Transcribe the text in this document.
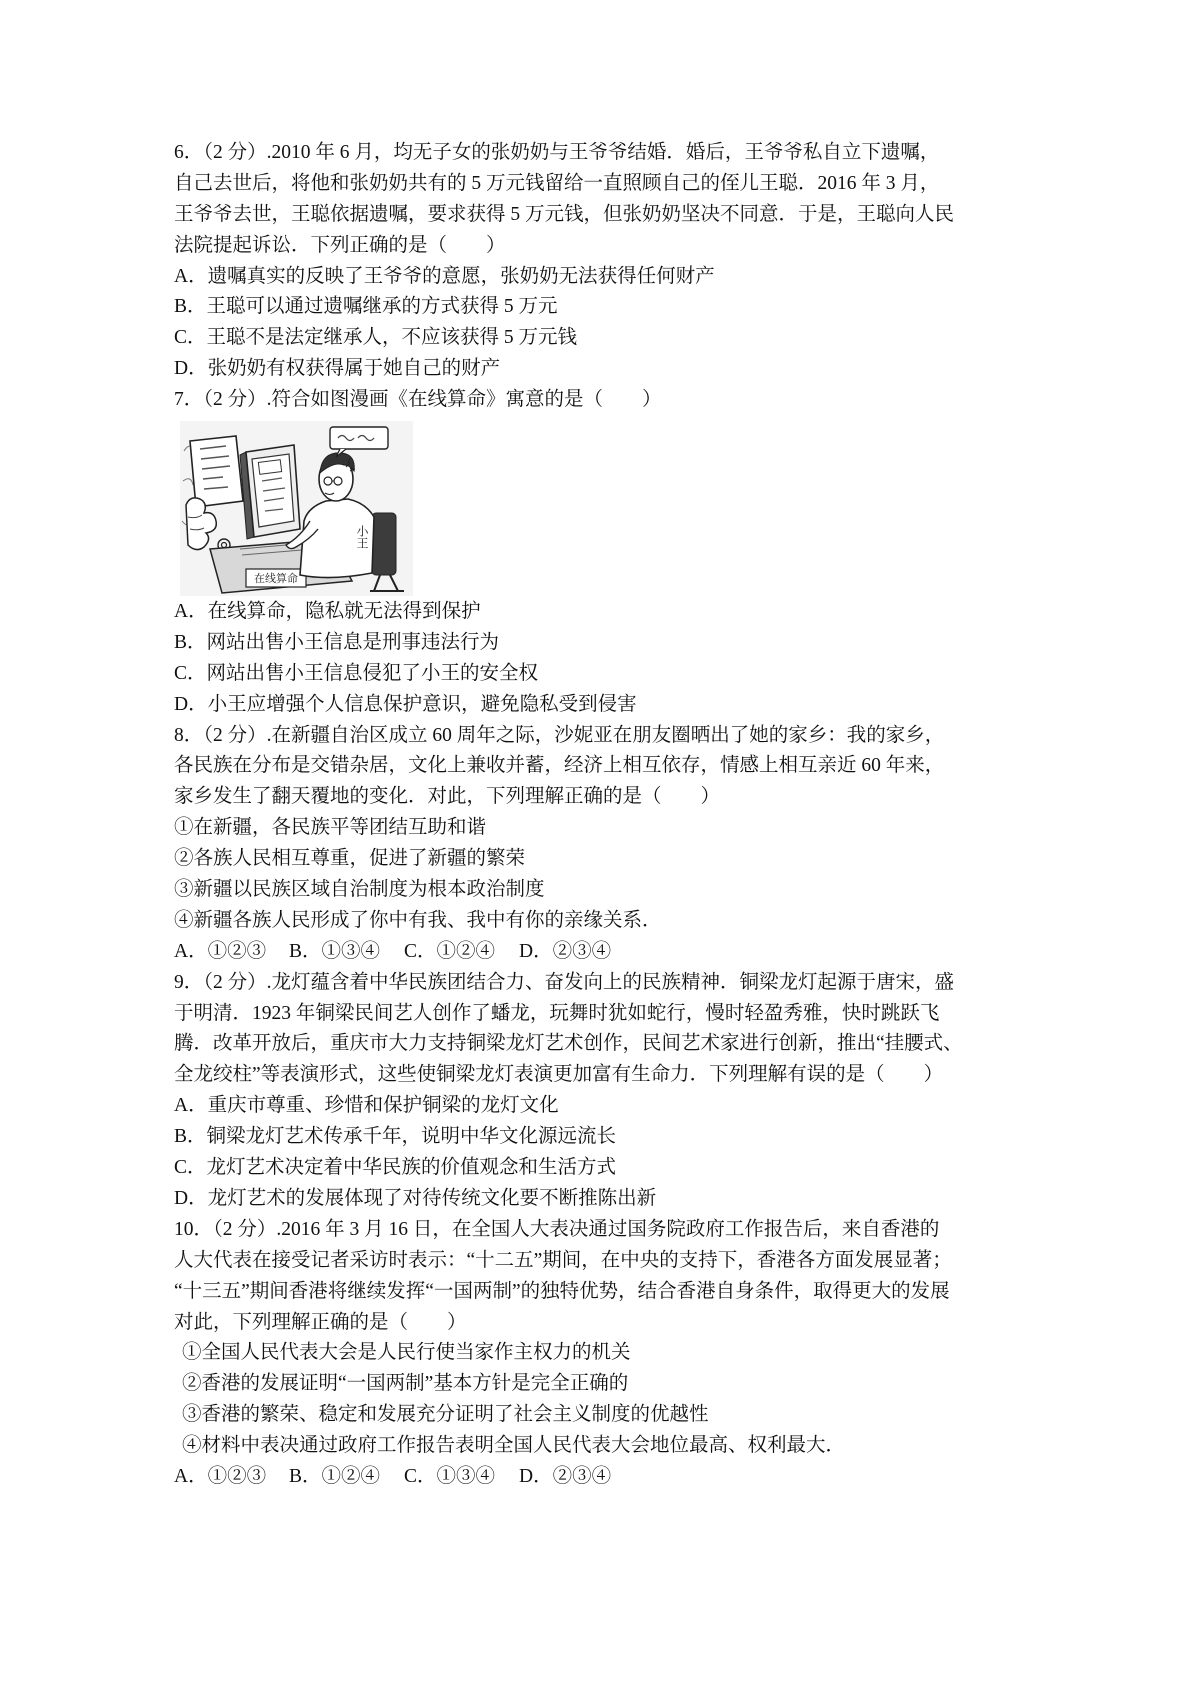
6．（2 分）.2010 年 6 月，均无子女的张奶奶与王爷爷结婚．婚后，王爷爷私自立下遗嘱，
自己去世后，将他和张奶奶共有的 5 万元钱留给一直照顾自己的侄儿王聪．2016 年 3 月，
王爷爷去世，王聪依据遗嘱，要求获得 5 万元钱，但张奶奶坚决不同意．于是，王聪向人民
法院提起诉讼．下列正确的是（　　）
A．遗嘱真实的反映了王爷爷的意愿，张奶奶无法获得任何财产
B．王聪可以通过遗嘱继承的方式获得 5 万元
C．王聪不是法定继承人，不应该获得 5 万元钱
D．张奶奶有权获得属于她自己的财产
7．（2 分）.符合如图漫画《在线算命》寓意的是（　　）
在线算命
小王
A．在线算命，隐私就无法得到保护
B．网站出售小王信息是刑事违法行为
C．网站出售小王信息侵犯了小王的安全权
D．小王应增强个人信息保护意识，避免隐私受到侵害
8．（2 分）.在新疆自治区成立 60 周年之际，沙妮亚在朋友圈晒出了她的家乡：我的家乡，
各民族在分布是交错杂居，文化上兼收并蓄，经济上相互依存，情感上相互亲近 60 年来，
家乡发生了翻天覆地的变化．对此，下列理解正确的是（　　）
①在新疆，各民族平等团结互助和谐
②各族人民相互尊重，促进了新疆的繁荣
③新疆以民族区域自治制度为根本政治制度
④新疆各族人民形成了你中有我、我中有你的亲缘关系．
A．①②③ B．①③④ C．①②④ D．②③④
9．（2 分）.龙灯蕴含着中华民族团结合力、奋发向上的民族精神．铜梁龙灯起源于唐宋，盛
于明清．1923 年铜梁民间艺人创作了蟠龙，玩舞时犹如蛇行，慢时轻盈秀雅，快时跳跃飞
腾．改革开放后，重庆市大力支持铜梁龙灯艺术创作，民间艺术家进行创新，推出“挂腰式、
全龙绞柱”等表演形式，这些使铜梁龙灯表演更加富有生命力．下列理解有误的是（　　）
A．重庆市尊重、珍惜和保护铜梁的龙灯文化
B．铜梁龙灯艺术传承千年，说明中华文化源远流长
C．龙灯艺术决定着中华民族的价值观念和生活方式
D．龙灯艺术的发展体现了对待传统文化要不断推陈出新
10．（2 分）.2016 年 3 月 16 日，在全国人大表决通过国务院政府工作报告后，来自香港的
人大代表在接受记者采访时表示：“十二五”期间，在中央的支持下，香港各方面发展显著；
“十三五”期间香港将继续发挥“一国两制”的独特优势，结合香港自身条件，取得更大的发展
对此，下列理解正确的是（　　）
①全国人民代表大会是人民行使当家作主权力的机关
②香港的发展证明“一国两制”基本方针是完全正确的
③香港的繁荣、稳定和发展充分证明了社会主义制度的优越性
④材料中表决通过政府工作报告表明全国人民代表大会地位最高、权利最大．
A．①②③ B．①②④ C．①③④ D．②③④
